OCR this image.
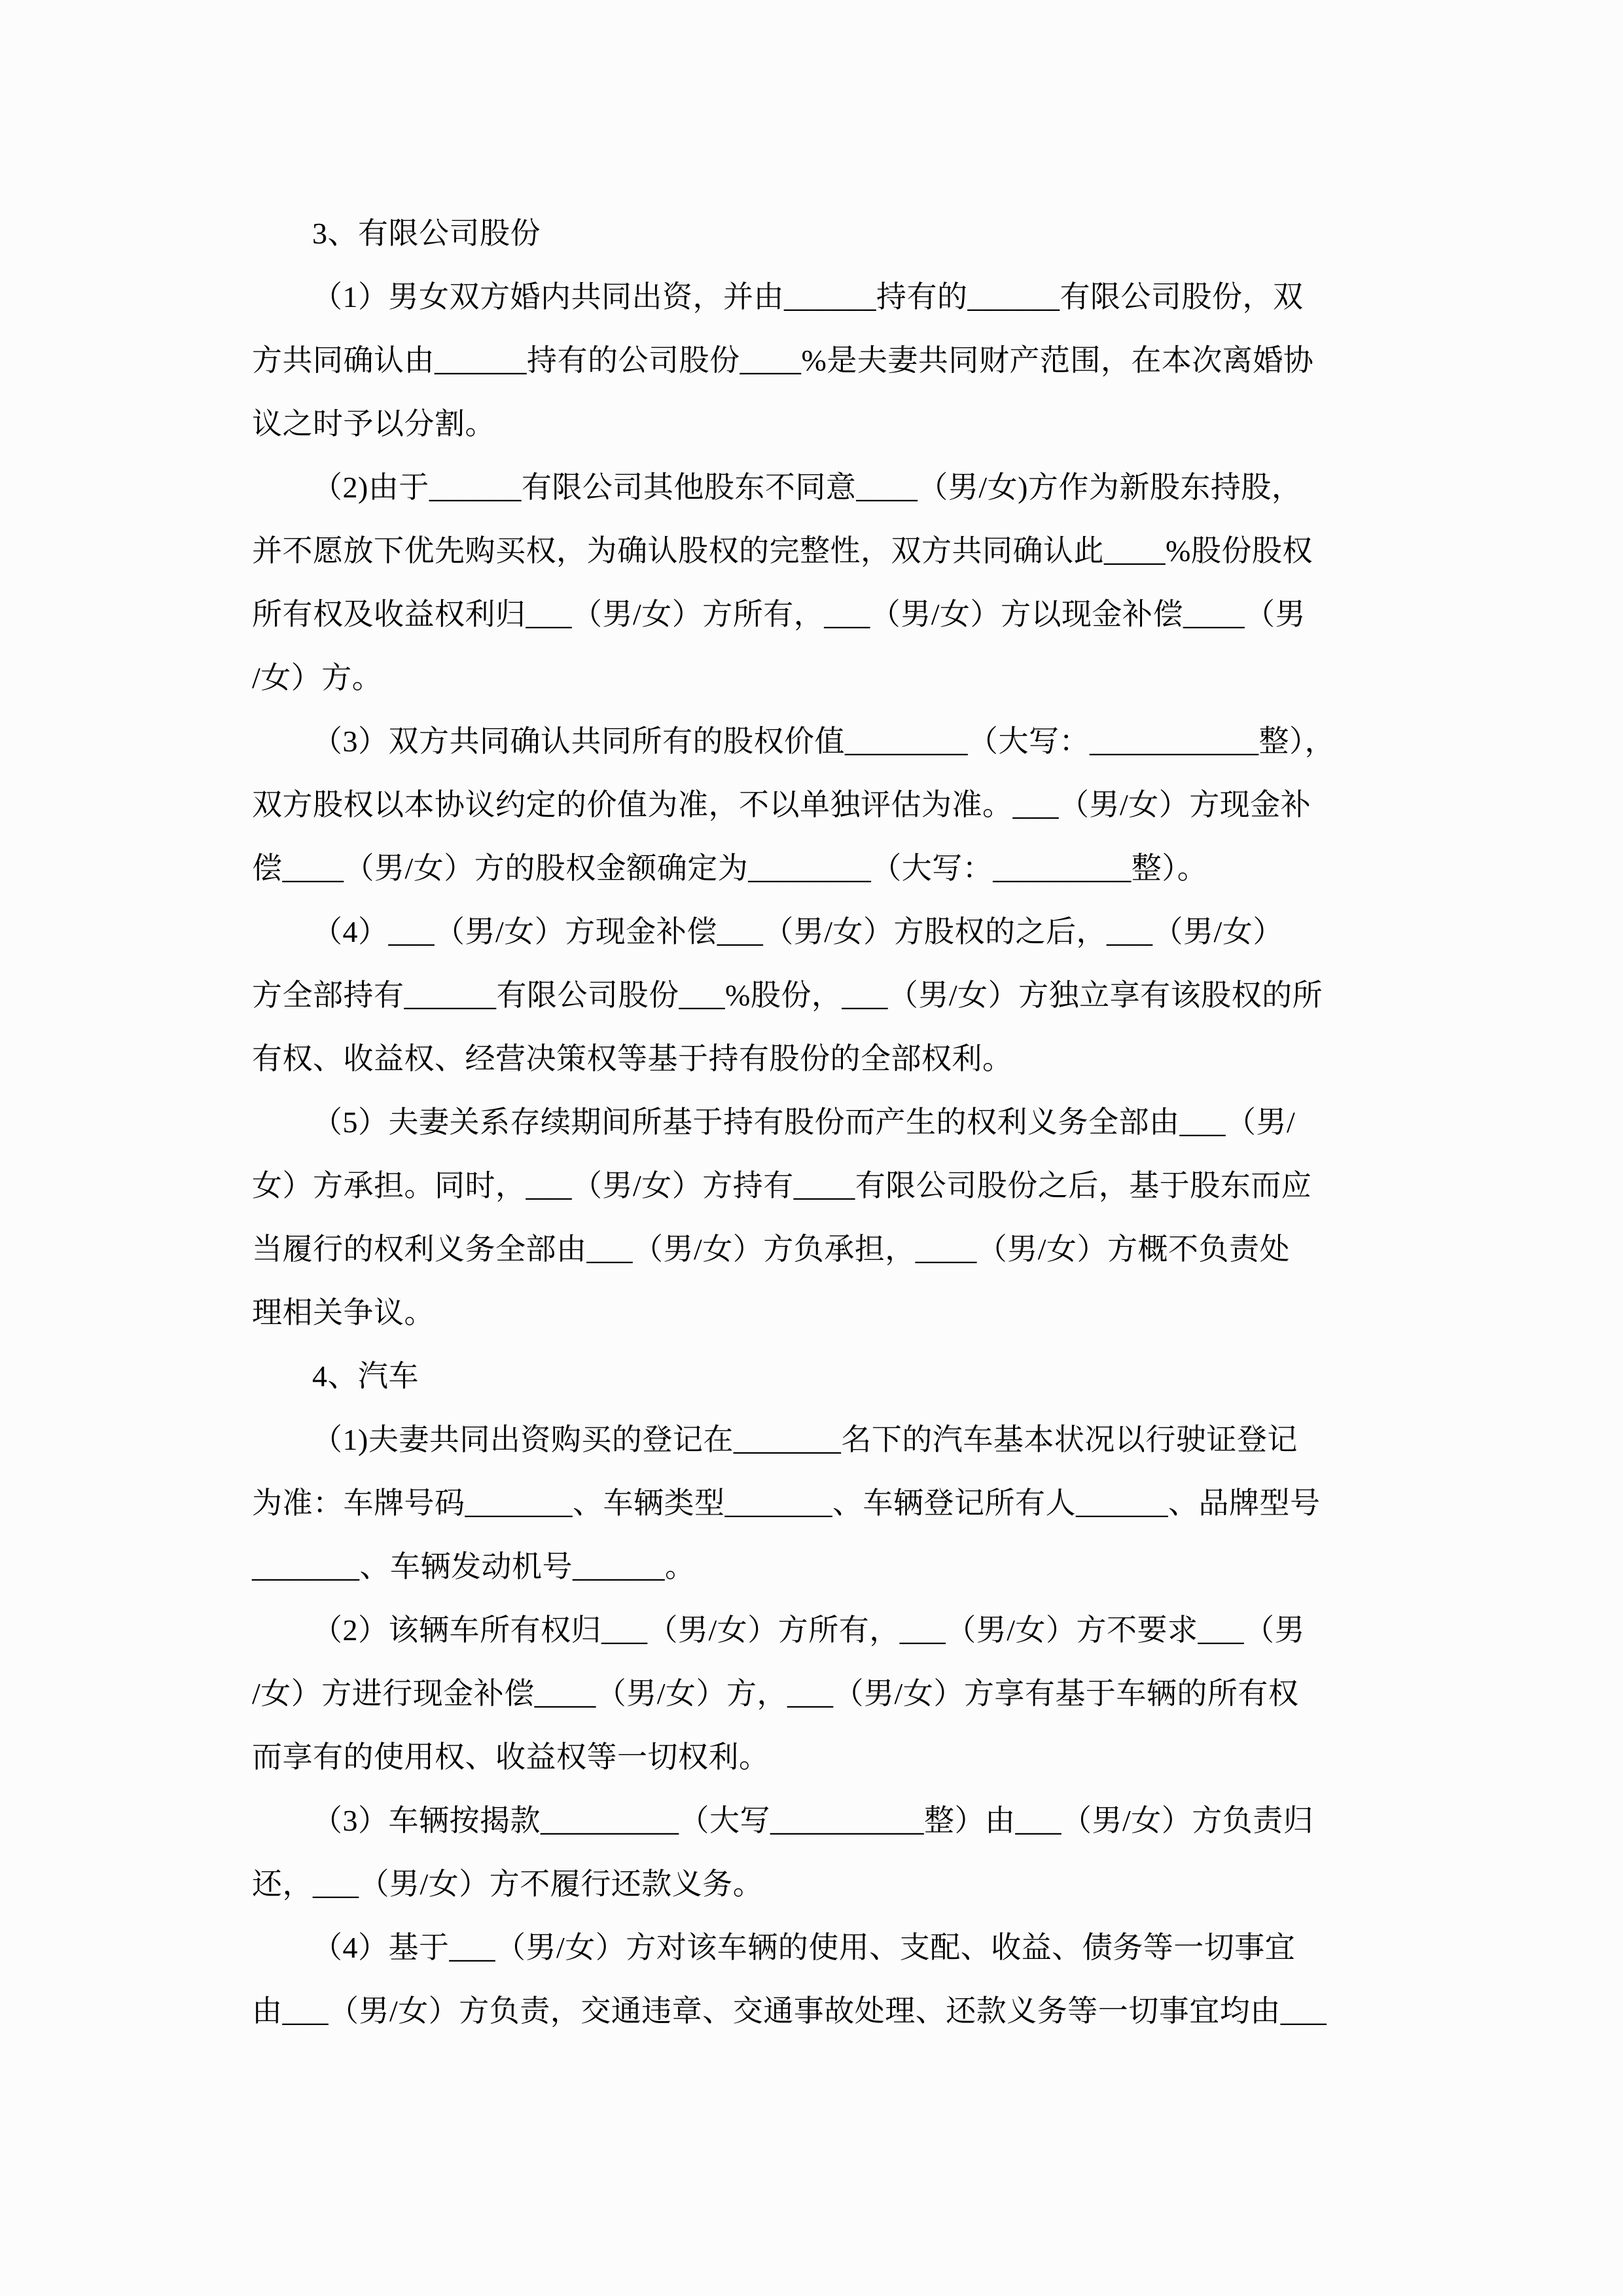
3、有限公司股份
（1）男女双方婚内共同出资，并由______持有的______有限公司股份，双
方共同确认由______持有的公司股份____%是夫妻共同财产范围，在本次离婚协
议之时予以分割。
（2)由于______有限公司其他股东不同意____（男/女)方作为新股东持股，
并不愿放下优先购买权，为确认股权的完整性，双方共同确认此____%股份股权
所有权及收益权利归___（男/女）方所有，___（男/女）方以现金补偿____（男
/女）方。
（3）双方共同确认共同所有的股权价值________（大写：___________整），
双方股权以本协议约定的价值为准，不以单独评估为准。___（男/女）方现金补
偿____（男/女）方的股权金额确定为________（大写：_________整）。
（4）___（男/女）方现金补偿___（男/女）方股权的之后，___（男/女）
方全部持有______有限公司股份___%股份，___（男/女）方独立享有该股权的所
有权、收益权、经营决策权等基于持有股份的全部权利。
（5）夫妻关系存续期间所基于持有股份而产生的权利义务全部由___（男/
女）方承担。同时，___（男/女）方持有____有限公司股份之后，基于股东而应
当履行的权利义务全部由___（男/女）方负承担，____（男/女）方概不负责处
理相关争议。
4、汽车
（1)夫妻共同出资购买的登记在_______名下的汽车基本状况以行驶证登记
为准：车牌号码_______、车辆类型_______、车辆登记所有人______、品牌型号
_______、车辆发动机号______。
（2）该辆车所有权归___（男/女）方所有，___（男/女）方不要求___（男
/女）方进行现金补偿____（男/女）方，___（男/女）方享有基于车辆的所有权
而享有的使用权、收益权等一切权利。
（3）车辆按揭款_________（大写__________整）由___（男/女）方负责归
还，___（男/女）方不履行还款义务。
（4）基于___（男/女）方对该车辆的使用、支配、收益、债务等一切事宜
由___（男/女）方负责，交通违章、交通事故处理、还款义务等一切事宜均由___
